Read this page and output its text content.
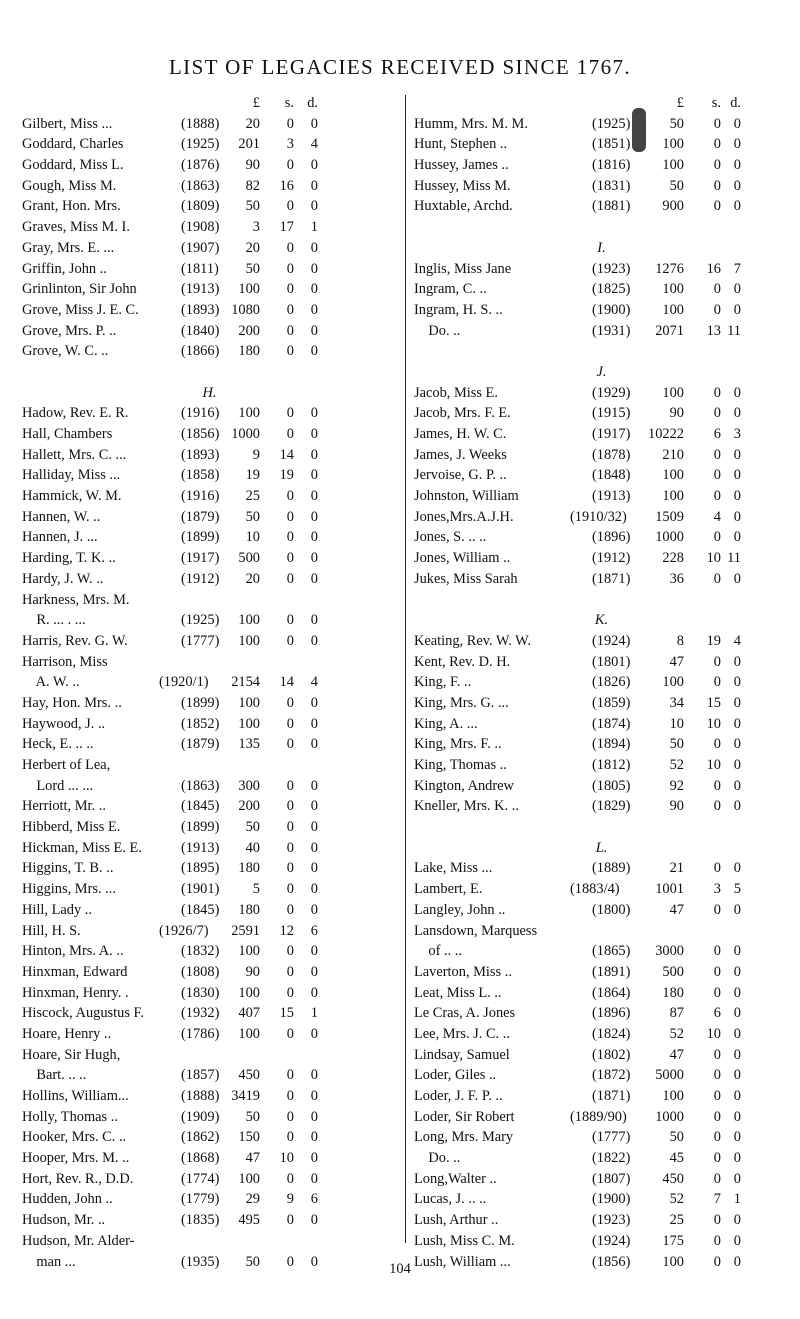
LIST OF LEGACIES RECEIVED SINCE 1767.
£	s. d.
Gilbert, Miss ...	(1888)	20	0	0
Goddard, Charles	(1925)	201	3	4
Goddard, Miss L.	(1876)	90	0	0
Gough, Miss M.	(1863)	82	16	0
Grant, Hon. Mrs.	(1809)	50	0	0
Graves, Miss M. I.	(1908)	3	17	1
Gray, Mrs. E. ...	(1907)	20	0	0
Griffin, John ..	(1811)	50	0	0
Grinlinton, Sir John	(1913)	100	0	0
Grove, Miss J. E. C.	(1893) 1080	0	0
Grove, Mrs. P. ..	(1840)	200	0	0
Grove, W. C. ..	(1866)	180	0	0
H.
Hadow, Rev. E. R.	(1916)	100	0	0
Hall, Chambers	(1856) 1000	0	0
Hallett, Mrs. C. ...	(1893)	9	14	0
Halliday, Miss ...	(1858)	19	19	0
Hammick, W. M.	(1916)	25	0	0
Hannen, W. ..	(1879)	50	0	0
Hannen, J. ...	(1899)	10	0	0
Harding, T. K. ..	(1917)	500	0	0
Hardy, J. W. ..	(1912)	20	0	0
Harkness, Mrs. M.
R. ... . ...	(1925)	100	0	0
Harris, Rev. G. W.	(1777)	100	0	0
Harrison, Miss
A. W. ..	(1920/1)	2154	14	4
Hay, Hon. Mrs. ..	(1899)	100	0	0
Haywood, J. ..	(1852)	100	0	0
Heck, E. .. ..	(1879)	135	0	0
Herbert of Lea,
Lord ... ...	(1863)	300	0	0
Herriott, Mr. ..	(1845)	200	0	0
Hibberd, Miss E.	(1899)	50	0	0
Hickman, Miss E. E.	(1913)	40	0	0
Higgins, T. B. ..	(1895)	180	0	0
Higgins, Mrs. ...	(1901)	5	0	0
Hill, Lady ..	(1845)	180	0	0
Hill, H. S.	(1926/7)	2591	12	6
Hinton, Mrs. A. ..	(1832)	100	0	0
Hinxman, Edward	(1808)	90	0	0
Hinxman, Henry. .	(1830)	100	0	0
Hiscock, Augustus F.	(1932)	407	15	1
Hoare, Henry ..	(1786)	100	0	0
Hoare, Sir Hugh,
Bart. .. ..	(1857)	450	0	0
Hollins, William...	(1888) 3419	0	0
Holly, Thomas ..	(1909)	50	0	0
Hooker, Mrs. C. ..	(1862)	150	0	0
Hooper, Mrs. M. ..	(1868)	47	10	0
Hort, Rev. R., D.D.	(1774)	100	0	0
Hudden, John ..	(1779)	29	9	6
Hudson, Mr. ..	(1835)	495	0	0
Hudson, Mr. Alder-
man ...	(1935)	50	0	0
£	s. d.
Humm, Mrs. M. M.	(1925)	50	0 0
Hunt, Stephen ..	(1851)	100	0 0
Hussey, James ..	(1816)	100	0 0
Hussey, Miss M.	(1831)	50	0 0
Huxtable, Archd.	(1881)	900	0 0
I.
Inglis, Miss Jane	(1923)	1276	16 7
Ingram, C. ..	(1825)	100	0 0
Ingram, H. S. ..	(1900)	100	0 0
Do. ..	(1931)	2071	13 11
J.
Jacob, Miss E.	(1929)	100	0 0
Jacob, Mrs. F. E.	(1915)	90	0 0
James, H. W. C.	(1917)	10222	6 3
James, J. Weeks	(1878)	210	0 0
Jervoise, G. P. ..	(1848)	100	0 0
Johnston, William	(1913)	100	0 0
Jones,Mrs.A.J.H.	(1910/32)	1509	4 0
Jones, S. .. ..	(1896)	1000	0 0
Jones, William ..	(1912)	228	10 11
Jukes, Miss Sarah	(1871)	36	0 0
K.
Keating, Rev. W. W.	(1924)	8	19 4
Kent, Rev. D. H.	(1801)	47	0 0
King, F. ..	(1826)	100	0 0
King, Mrs. G. ...	(1859)	34	15 0
King, A. ...	(1874)	10	10 0
King, Mrs. F. ..	(1894)	50	0 0
King, Thomas ..	(1812)	52	10 0
Kington, Andrew	(1805)	92	0 0
Kneller, Mrs. K. ..	(1829)	90	0 0
L.
Lake, Miss ...	(1889)	21	0 0
Lambert, E.	(1883/4)	1001	3 5
Langley, John ..	(1800)	47	0 0
Lansdown, Marquess
of .. ..	(1865)	3000	0 0
Laverton, Miss ..	(1891)	500	0 0
Leat, Miss L. ..	(1864)	180	0 0
Le Cras, A. Jones	(1896)	87	6 0
Lee, Mrs. J. C. ..	(1824)	52	10 0
Lindsay, Samuel	(1802)	47	0 0
Loder, Giles ..	(1872)	5000	0 0
Loder, J. F. P. ..	(1871)	100	0 0
Loder, Sir Robert	(1889/90)	1000	0 0
Long, Mrs. Mary	(1777)	50	0 0
Do. ..	(1822)	45	0 0
Long,Walter ..	(1807)	450	0 0
Lucas, J. .. ..	(1900)	52	7 1
Lush, Arthur ..	(1923)	25	0 0
Lush, Miss C. M.	(1924)	175	0 0
Lush, William ...	(1856)	100	0 0
104
